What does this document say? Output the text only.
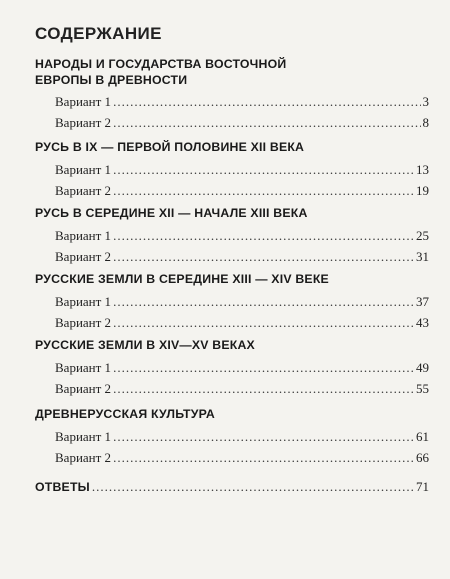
СОДЕРЖАНИЕ
НАРОДЫ И ГОСУДАРСТВА ВОСТОЧНОЙ ЕВРОПЫ В ДРЕВНОСТИ
Вариант 1 .....	3
Вариант 2 .....	8
РУСЬ В IX — ПЕРВОЙ ПОЛОВИНЕ XII ВЕКА
Вариант 1 .....	13
Вариант 2 .....	19
РУСЬ В СЕРЕДИНЕ XII — НАЧАЛЕ XIII ВЕКА
Вариант 1 .....	25
Вариант 2 .....	31
РУССКИЕ ЗЕМЛИ В СЕРЕДИНЕ XIII — XIV ВЕКЕ
Вариант 1 .....	37
Вариант 2 .....	43
РУССКИЕ ЗЕМЛИ В XIV—XV ВЕКАХ
Вариант 1 .....	49
Вариант 2 .....	55
ДРЕВНЕРУССКАЯ КУЛЬТУРА
Вариант 1 .....	61
Вариант 2 .....	66
ОТВЕТЫ .....	71
